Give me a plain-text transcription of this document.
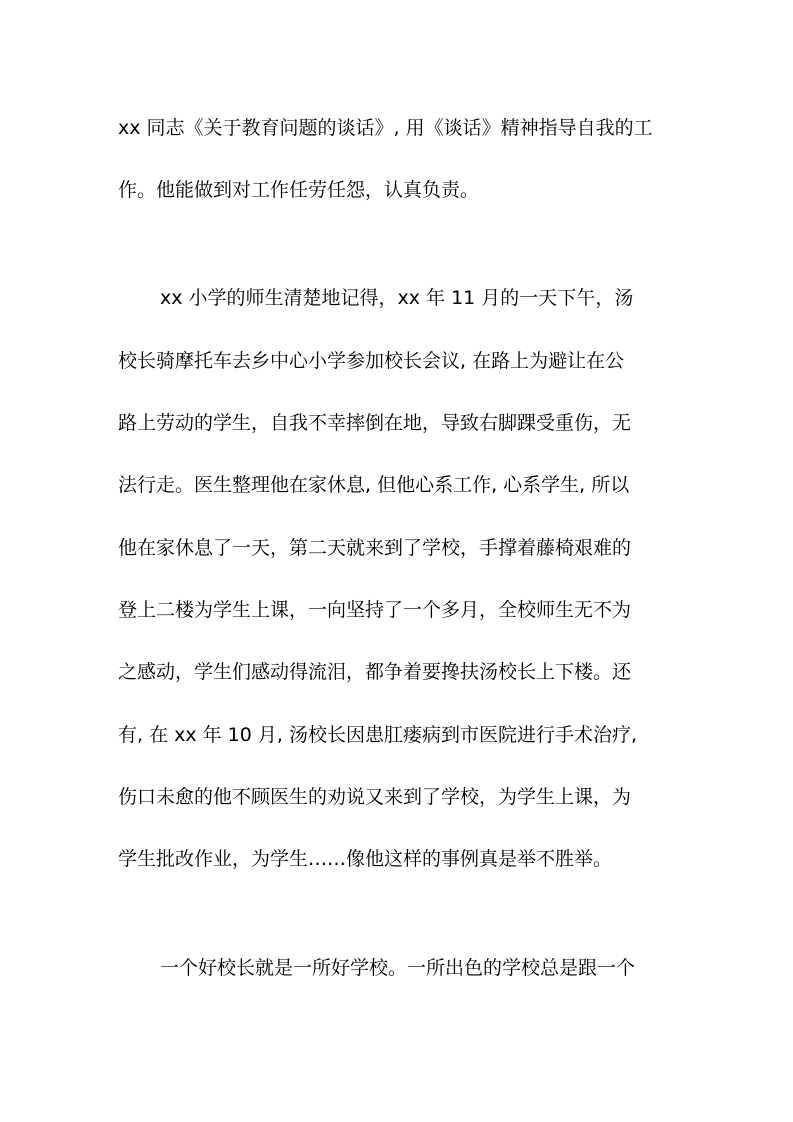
xx 同志《关于教育问题的谈话》, 用《谈话》精神指导自我的工
作。他能做到对工作任劳任怨，认真负责。
xx 小学的师生清楚地记得，xx 年 11 月的一天下午，汤
校长骑摩托车去乡中心小学参加校长会议, 在路上为避让在公
路上劳动的学生，自我不幸摔倒在地，导致右脚踝受重伤，无
法行走。医生整理他在家休息, 但他心系工作, 心系学生, 所以
他在家休息了一天，第二天就来到了学校，手撑着藤椅艰难的
登上二楼为学生上课，一向坚持了一个多月，全校师生无不为
之感动，学生们感动得流泪，都争着要搀扶汤校长上下楼。还
有, 在 xx 年 10 月, 汤校长因患肛瘘病到市医院进行手术治疗,
伤口未愈的他不顾医生的劝说又来到了学校，为学生上课，为
学生批改作业，为学生……像他这样的事例真是举不胜举。
一个好校长就是一所好学校。一所出色的学校总是跟一个
